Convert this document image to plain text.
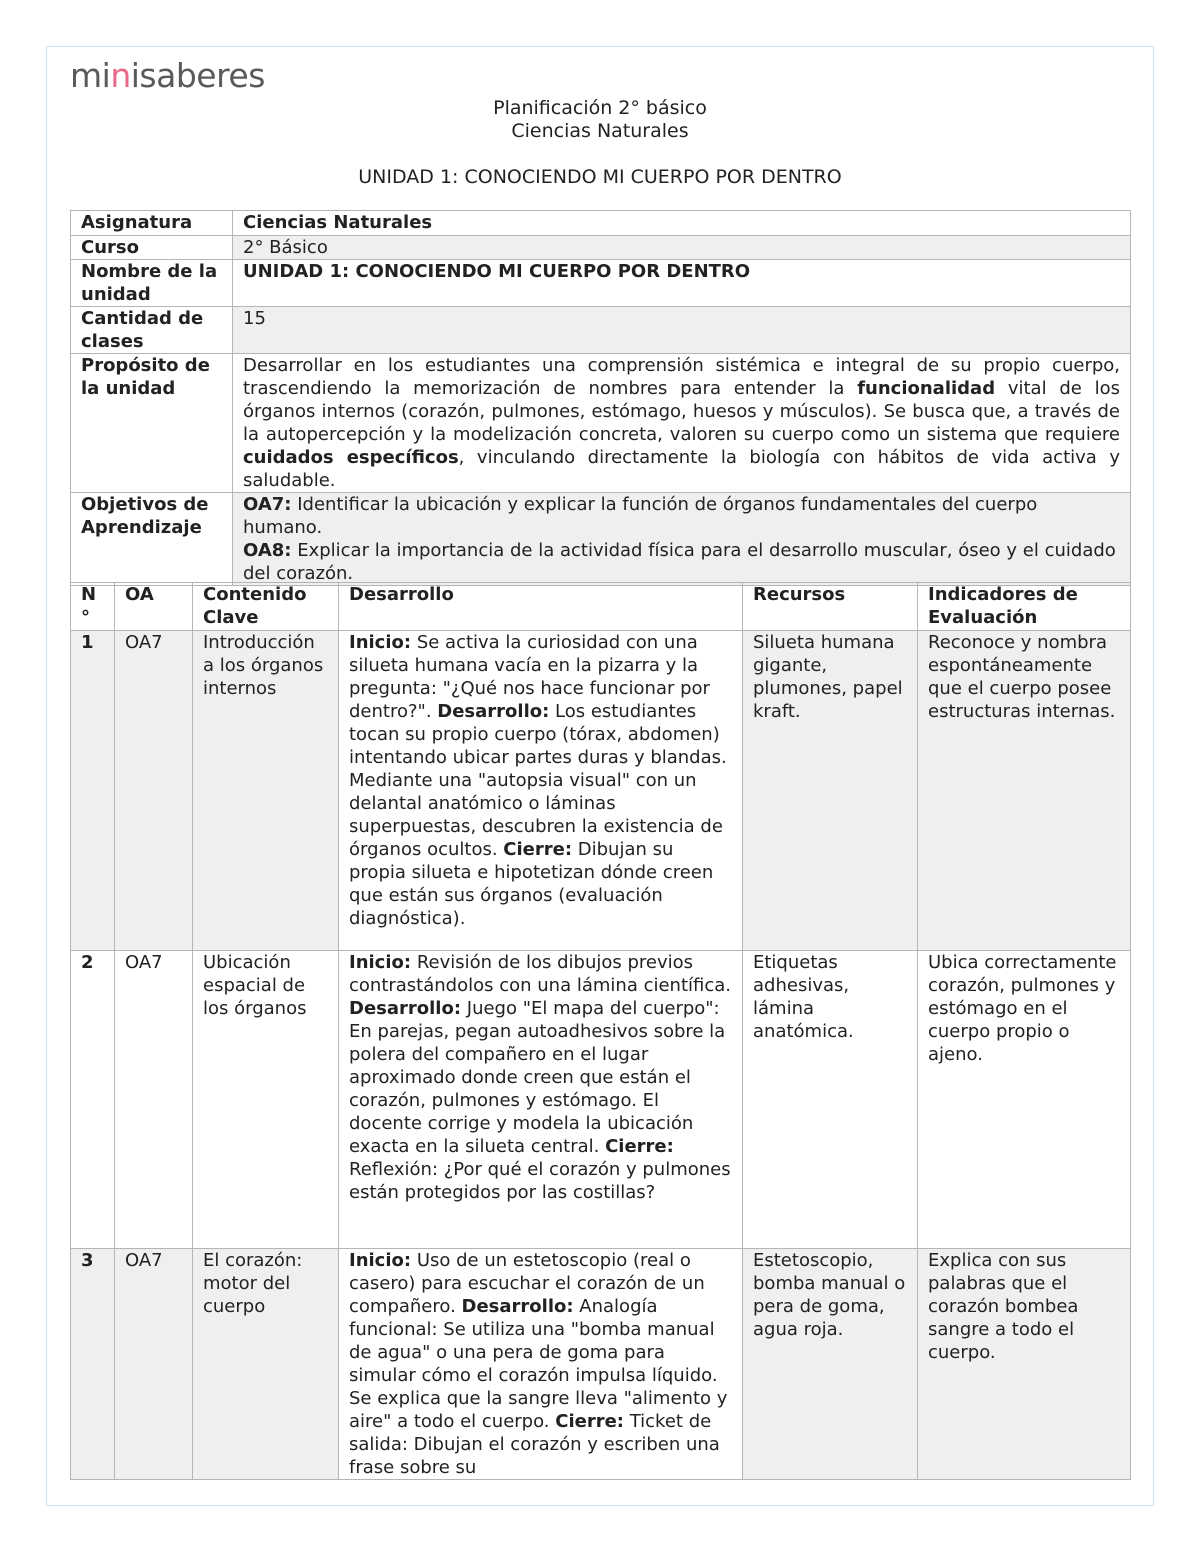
minisaberes
Planificación 2° básico
Ciencias Naturales
UNIDAD 1: CONOCIENDO MI CUERPO POR DENTRO
Asignatura	Ciencias Naturales
Curso	2° Básico
Nombre de la unidad	UNIDAD 1: CONOCIENDO MI CUERPO POR DENTRO
Cantidad de clases	15
Propósito de la unidad	Desarrollar en los estudiantes una comprensión sistémica e integral de su propio cuerpo, trascendiendo la memorización de nombres para entender la funcionalidad vital de los órganos internos (corazón, pulmones, estómago, huesos y músculos). Se busca que, a través de la autopercepción y la modelización concreta, valoren su cuerpo como un sistema que requiere cuidados específicos, vinculando directamente la biología con hábitos de vida activa y saludable.
Objetivos de Aprendizaje	OA7: Identificar la ubicación y explicar la función de órganos fundamentales del cuerpo humano.
OA8: Explicar la importancia de la actividad física para el desarrollo muscular, óseo y el cuidado del corazón.
N °	OA	Contenido Clave	Desarrollo	Recursos	Indicadores de Evaluación
1	OA7	Introducción a los órganos internos	Inicio: Se activa la curiosidad con una silueta humana vacía en la pizarra y la pregunta: "¿Qué nos hace funcionar por dentro?". Desarrollo: Los estudiantes tocan su propio cuerpo (tórax, abdomen) intentando ubicar partes duras y blandas. Mediante una "autopsia visual" con un delantal anatómico o láminas superpuestas, descubren la existencia de órganos ocultos. Cierre: Dibujan su propia silueta e hipotetizan dónde creen que están sus órganos (evaluación diagnóstica).	Silueta humana gigante, plumones, papel kraft.	Reconoce y nombra espontáneamente que el cuerpo posee estructuras internas.
2	OA7	Ubicación espacial de los órganos	Inicio: Revisión de los dibujos previos contrastándolos con una lámina científica. Desarrollo: Juego "El mapa del cuerpo": En parejas, pegan autoadhesivos sobre la polera del compañero en el lugar aproximado donde creen que están el corazón, pulmones y estómago. El docente corrige y modela la ubicación exacta en la silueta central. Cierre: Reflexión: ¿Por qué el corazón y pulmones están protegidos por las costillas?	Etiquetas adhesivas, lámina anatómica.	Ubica correctamente corazón, pulmones y estómago en el cuerpo propio o ajeno.
3	OA7	El corazón: motor del cuerpo	Inicio: Uso de un estetoscopio (real o casero) para escuchar el corazón de un compañero. Desarrollo: Analogía funcional: Se utiliza una "bomba manual de agua" o una pera de goma para simular cómo el corazón impulsa líquido. Se explica que la sangre lleva "alimento y aire" a todo el cuerpo. Cierre: Ticket de salida: Dibujan el corazón y escriben una frase sobre su	Estetoscopio, bomba manual o pera de goma, agua roja.	Explica con sus palabras que el corazón bombea sangre a todo el cuerpo.
